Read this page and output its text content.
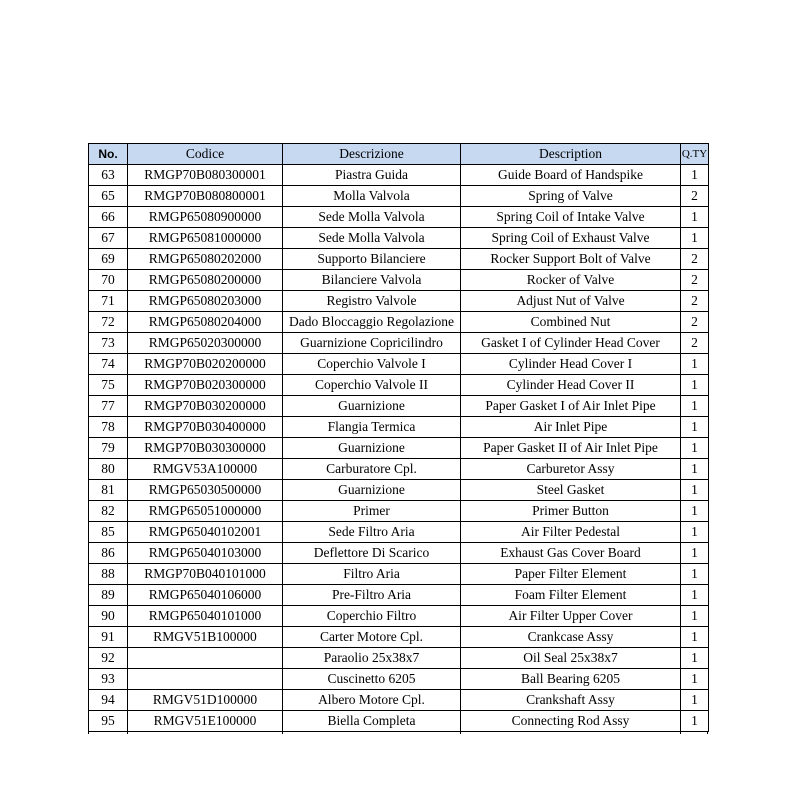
No.	Codice	Descrizione	Description	Q.TY
63	RMGP70B080300001	Piastra Guida	Guide Board of Handspike	1
65	RMGP70B080800001	Molla Valvola	Spring of Valve	2
66	RMGP65080900000	Sede Molla Valvola	Spring Coil of Intake Valve	1
67	RMGP65081000000	Sede Molla Valvola	Spring Coil of Exhaust Valve	1
69	RMGP65080202000	Supporto Bilanciere	Rocker Support Bolt of Valve	2
70	RMGP65080200000	Bilanciere Valvola	Rocker of Valve	2
71	RMGP65080203000	Registro Valvole	Adjust Nut of Valve	2
72	RMGP65080204000	Dado Bloccaggio Regolazione	Combined Nut	2
73	RMGP65020300000	Guarnizione Copricilindro	Gasket I of Cylinder Head Cover	2
74	RMGP70B020200000	Coperchio Valvole I	Cylinder Head Cover I	1
75	RMGP70B020300000	Coperchio Valvole II	Cylinder Head Cover II	1
77	RMGP70B030200000	Guarnizione	Paper Gasket I of Air Inlet Pipe	1
78	RMGP70B030400000	Flangia Termica	Air Inlet Pipe	1
79	RMGP70B030300000	Guarnizione	Paper Gasket II of Air Inlet Pipe	1
80	RMGV53A100000	Carburatore Cpl.	Carburetor Assy	1
81	RMGP65030500000	Guarnizione	Steel Gasket	1
82	RMGP65051000000	Primer	Primer Button	1
85	RMGP65040102001	Sede Filtro Aria	Air Filter Pedestal	1
86	RMGP65040103000	Deflettore Di Scarico	Exhaust Gas Cover Board	1
88	RMGP70B040101000	Filtro Aria	Paper Filter Element	1
89	RMGP65040106000	Pre-Filtro Aria	Foam Filter Element	1
90	RMGP65040101000	Coperchio Filtro	Air Filter Upper Cover	1
91	RMGV51B100000	Carter Motore Cpl.	Crankcase Assy	1
92		Paraolio 25x38x7	Oil Seal 25x38x7	1
93		Cuscinetto 6205	Ball Bearing 6205	1
94	RMGV51D100000	Albero Motore Cpl.	Crankshaft Assy	1
95	RMGV51E100000	Biella Completa	Connecting Rod Assy	1
